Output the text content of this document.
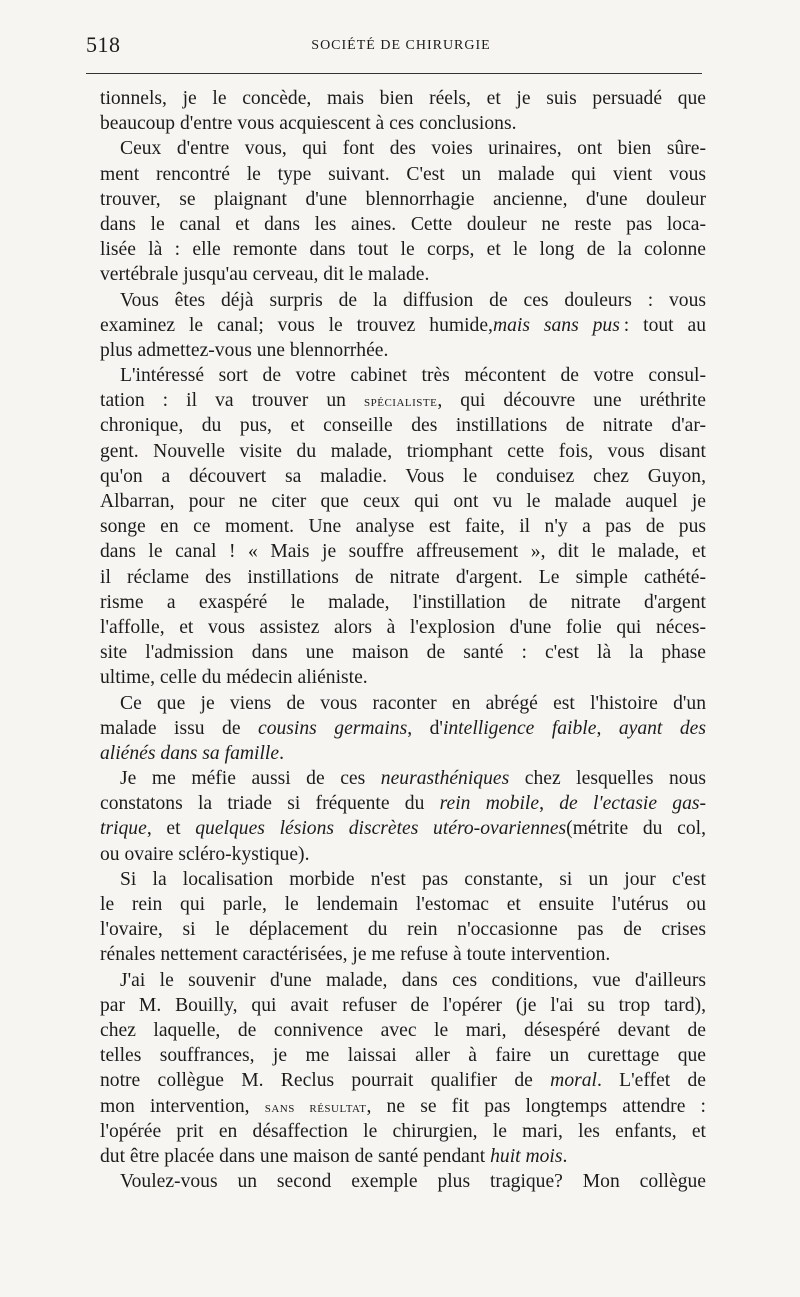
518	SOCIÉTÉ DE CHIRURGIE
tionnels, je le concède, mais bien réels, et je suis persuadé que
beaucoup d'entre vous acquiescent à ces conclusions.
Ceux d'entre vous, qui font des voies urinaires, ont bien sûre-
ment rencontré le type suivant. C'est un malade qui vient vous
trouver, se plaignant d'une blennorrhagie ancienne, d'une douleur
dans le canal et dans les aines. Cette douleur ne reste pas loca-
lisée là : elle remonte dans tout le corps, et le long de la colonne
vertébrale jusqu'au cerveau, dit le malade.
Vous êtes déjà surpris de la diffusion de ces douleurs : vous
examinez le canal; vous le trouvez humide,mais sans pus  : tout au
plus admettez-vous une blennorrhée.
L'intéressé sort de votre cabinet très mécontent de votre consul-
tation : il va trouver un spécialiste, qui découvre une uréthrite
chronique, du pus, et conseille des instillations de nitrate d'ar-
gent. Nouvelle visite du malade, triomphant cette fois, vous disant
qu'on a découvert sa maladie. Vous le conduisez chez Guyon,
Albarran, pour ne citer que ceux qui ont vu le malade auquel je
songe en ce moment. Une analyse est faite, il n'y a pas de pus
dans le canal ! « Mais je souffre affreusement », dit le malade, et
il réclame des instillations de nitrate d'argent. Le simple cathété-
risme a exaspéré le malade, l'instillation de nitrate d'argent
l'affolle, et vous assistez alors à l'explosion d'une folie qui néces-
site l'admission dans une maison de santé : c'est là la phase
ultime, celle du médecin aliéniste.
Ce que je viens de vous raconter en abrégé est l'histoire d'un
malade issu de cousins germains, d'intelligence faible, ayant des
aliénés dans sa famille.
Je me méfie aussi de ces neurasthéniques chez lesquelles nous
constatons la triade si fréquente du rein mobile, de l'ectasie gas-
trique, et quelques lésions discrètes utéro-ovariennes(métrite du col,
ou ovaire scléro-kystique).
Si la localisation morbide n'est pas constante, si un jour c'est
le rein qui parle, le lendemain l'estomac et ensuite l'utérus ou
l'ovaire, si le déplacement du rein n'occasionne pas de crises
rénales nettement caractérisées, je me refuse à toute intervention.
J'ai le souvenir d'une malade, dans ces conditions, vue d'ailleurs
par M. Bouilly, qui avait refuser de l'opérer (je l'ai su trop tard),
chez laquelle, de connivence avec le mari, désespéré devant de
telles souffrances, je me laissai aller à faire un curettage que
notre collègue M. Reclus pourrait qualifier de moral. L'effet de
mon intervention, sans résultat, ne se fit pas longtemps attendre :
l'opérée prit en désaffection le chirurgien, le mari, les enfants, et
dut être placée dans une maison de santé pendant huit mois.
Voulez-vous un second exemple plus tragique? Mon collègue
